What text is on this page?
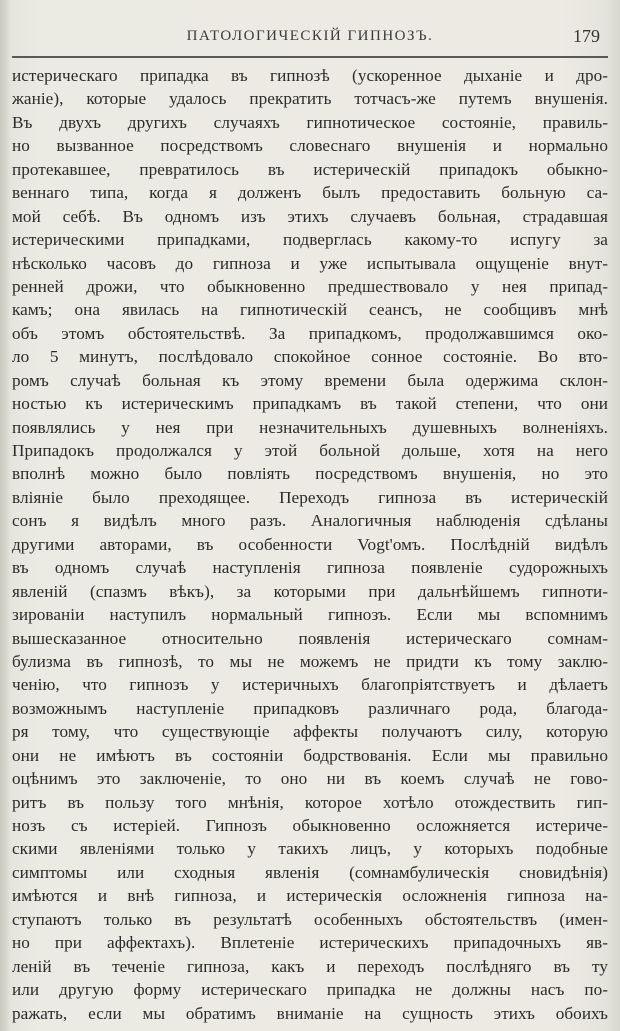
ПАТОЛОГИЧЕСКІЙ ГИПНОЗЪ.	179
истерическаго припадка въ гипнозѣ (ускоренное дыханіе и дро-
жаніе), которые удалось прекратить тотчасъ-же путемъ внушенія.
Въ двухъ другихъ случаяхъ гипнотическое состояніе, правиль-
но вызванное посредствомъ словеснаго внушенія и нормально
протекавшее, превратилось въ истерическій припадокъ обыкно-
веннаго типа, когда я долженъ былъ предоставить больную са-
мой себѣ. Въ одномъ изъ этихъ случаевъ больная, страдавшая
истерическими припадками, подверглась какому-то испугу за
нѣсколько часовъ до гипноза и уже испытывала ощущеніе внут-
ренней дрожи, что обыкновенно предшествовало у нея припад-
камъ; она явилась на гипнотическій сеансъ, не сообщивъ мнѣ
объ этомъ обстоятельствѣ. За припадкомъ, продолжавшимся око-
ло 5 минутъ, послѣдовало спокойное сонное состояніе. Во вто-
ромъ случаѣ больная къ этому времени была одержима склон-
ностью къ истерическимъ припадкамъ въ такой степени, что они
появлялись у нея при незначительныхъ душевныхъ волненіяхъ.
Припадокъ продолжался у этой больной дольше, хотя на него
вполнѣ можно было повліять посредствомъ внушенія, но это
вліяніе было преходящее. Переходъ гипноза въ истерическій
сонъ я видѣлъ много разъ. Аналогичныя наблюденія сдѣланы
другими авторами, въ особенности Vogt'омъ. Послѣдній видѣлъ
въ одномъ случаѣ наступленія гипноза появленіе судорожныхъ
явленій (спазмъ вѣкъ), за которыми при дальнѣйшемъ гипноти-
зированіи наступилъ нормальный гипнозъ. Если мы вспомнимъ
вышесказанное относительно появленія истерическаго сомнам-
булизма въ гипнозѣ, то мы не можемъ не придти къ тому заклю-
ченію, что гипнозъ у истеричныхъ благопріятствуетъ и дѣлаетъ
возможнымъ наступленіе припадковъ различнаго рода, благода-
ря тому, что существующіе аффекты получаютъ силу, которую
они не имѣютъ въ состояніи бодрствованія. Если мы правильно
оцѣнимъ это заключеніе, то оно ни въ коемъ случаѣ не гово-
ритъ въ пользу того мнѣнія, которое хотѣло отождествить гип-
нозъ съ истеріей. Гипнозъ обыкновенно осложняется истериче-
скими явленіями только у такихъ лицъ, у которыхъ подобные
симптомы или сходныя явленія (сомнамбулическія сновидѣнія)
имѣются и внѣ гипноза, и истерическія осложненія гипноза на-
ступаютъ только въ результатѣ особенныхъ обстоятельствъ (имен-
но при аффектахъ). Вплетеніе истерическихъ припадочныхъ яв-
леній въ теченіе гипноза, какъ и переходъ послѣдняго въ ту
или другую форму истерическаго припадка не должны насъ по-
ражать, если мы обратимъ вниманіе на сущность этихъ обоихъ
